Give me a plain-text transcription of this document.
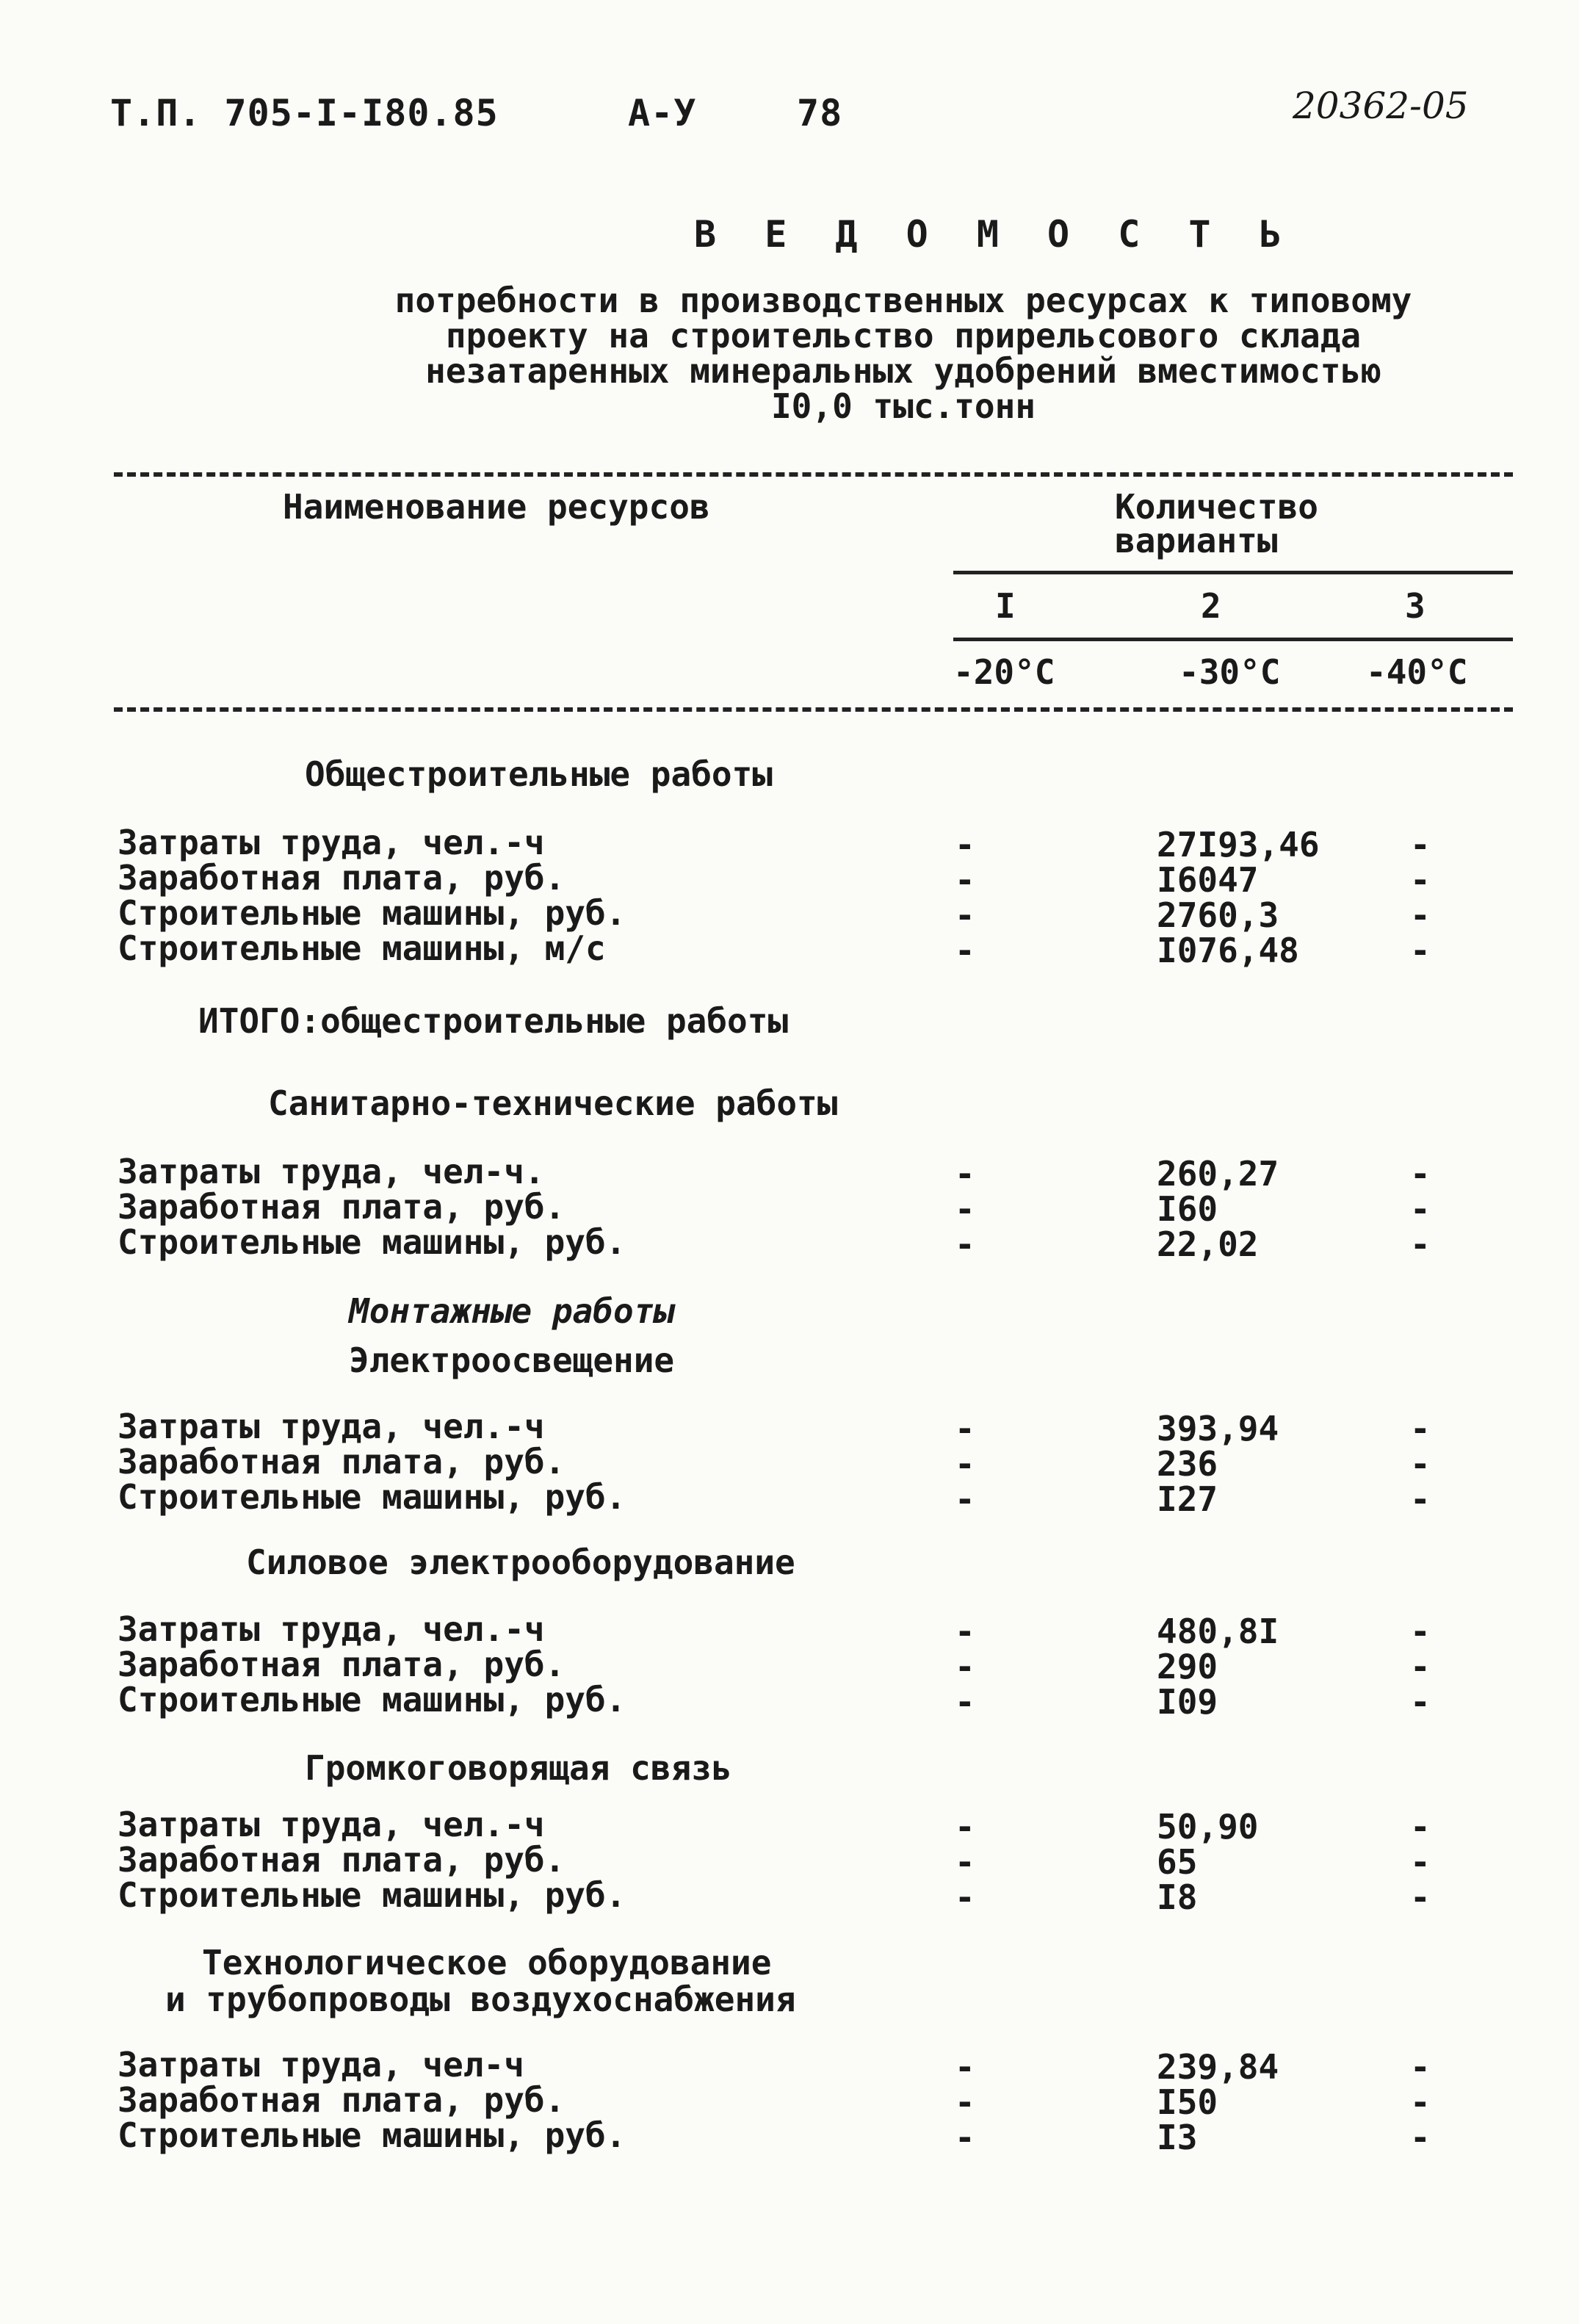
Т.П. 705-I-I80.85	А-У	78	20362-05
В Е Д О М О С Т Ь
потребности в производственных ресурсах к типовому
проекту на строительство прирельсового склада
незатаренных минеральных удобрений вместимостью
I0,0 тыс.тонн
Наименование ресурсов	Количество
варианты
I	2	3
-20°C	-30°C	-40°C
Общестроительные работы
Затраты труда, чел.-ч	-	27I93,46	-
Заработная плата, руб.	-	I6047	-
Строительные машины, руб.	-	2760,3	-
Строительные машины, м/с	-	I076,48	-
ИТОГО:общестроительные работы
Санитарно-технические работы
Затраты труда, чел-ч.	-	260,27	-
Заработная плата, руб.	-	I60	-
Строительные машины, руб.	-	22,02	-
Монтажные работы
Электроосвещение
Затраты труда, чел.-ч	-	393,94	-
Заработная плата, руб.	-	236	-
Строительные машины, руб.	-	I27	-
Силовое электрооборудование
Затраты труда, чел.-ч	-	480,8I	-
Заработная плата, руб.	-	290	-
Строительные машины, руб.	-	I09	-
Громкоговорящая связь
Затраты труда, чел.-ч	-	50,90	-
Заработная плата, руб.	-	65	-
Строительные машины, руб.	-	I8	-
Технологическое оборудование
и трубопроводы воздухоснабжения
Затраты труда, чел-ч	-	239,84	-
Заработная плата, руб.	-	I50	-
Строительные машины, руб.	-	I3	-
